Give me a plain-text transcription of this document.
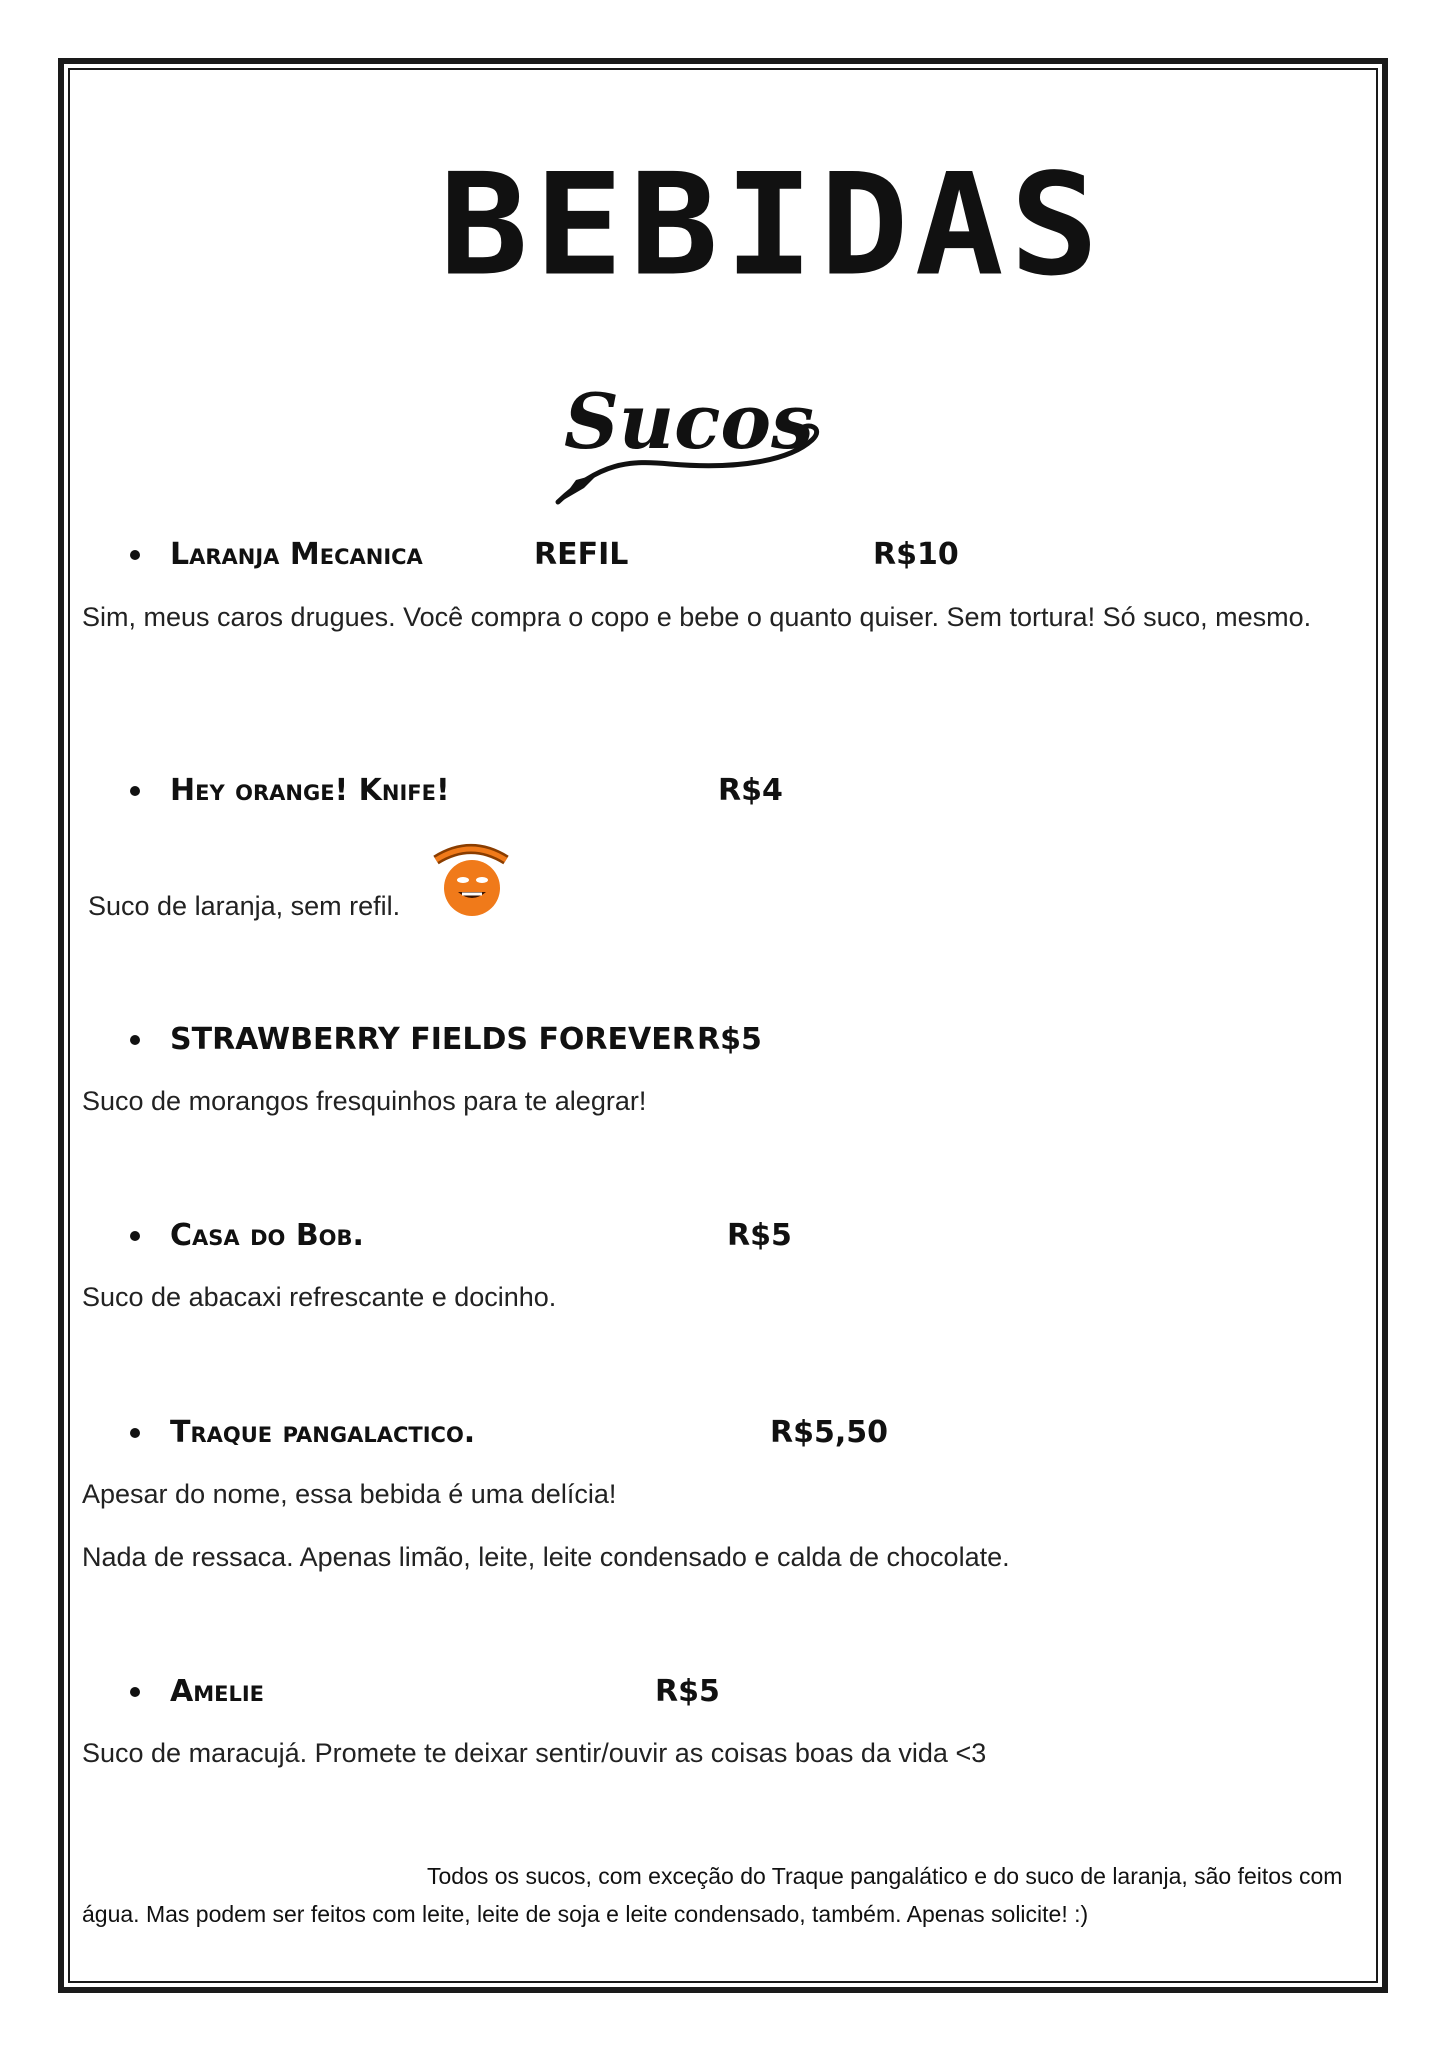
BEBIDAS
Sucos
Laranja Mecanica	REFIL	R$10
Sim, meus caros drugues. Você compra o copo e bebe o quanto quiser. Sem tortura! Só suco, mesmo.
Hey orange! Knife!	R$4
Suco de laranja, sem refil.
STRAWBERRY FIELDS FOREVER R$5
Suco de morangos fresquinhos para te alegrar!
Casa do Bob.	R$5
Suco de abacaxi refrescante e docinho.
Traque pangalactico.	R$5,50
Apesar do nome, essa bebida é uma delícia!
Nada de ressaca. Apenas limão, leite, leite condensado e calda de chocolate.
Amelie	R$5
Suco de maracujá. Promete te deixar sentir/ouvir as coisas boas da vida <3
Todos os sucos, com exceção do Traque pangalático e do suco de laranja, são feitos com água. Mas podem ser feitos com leite, leite de soja e leite condensado, também. Apenas solicite! :)
